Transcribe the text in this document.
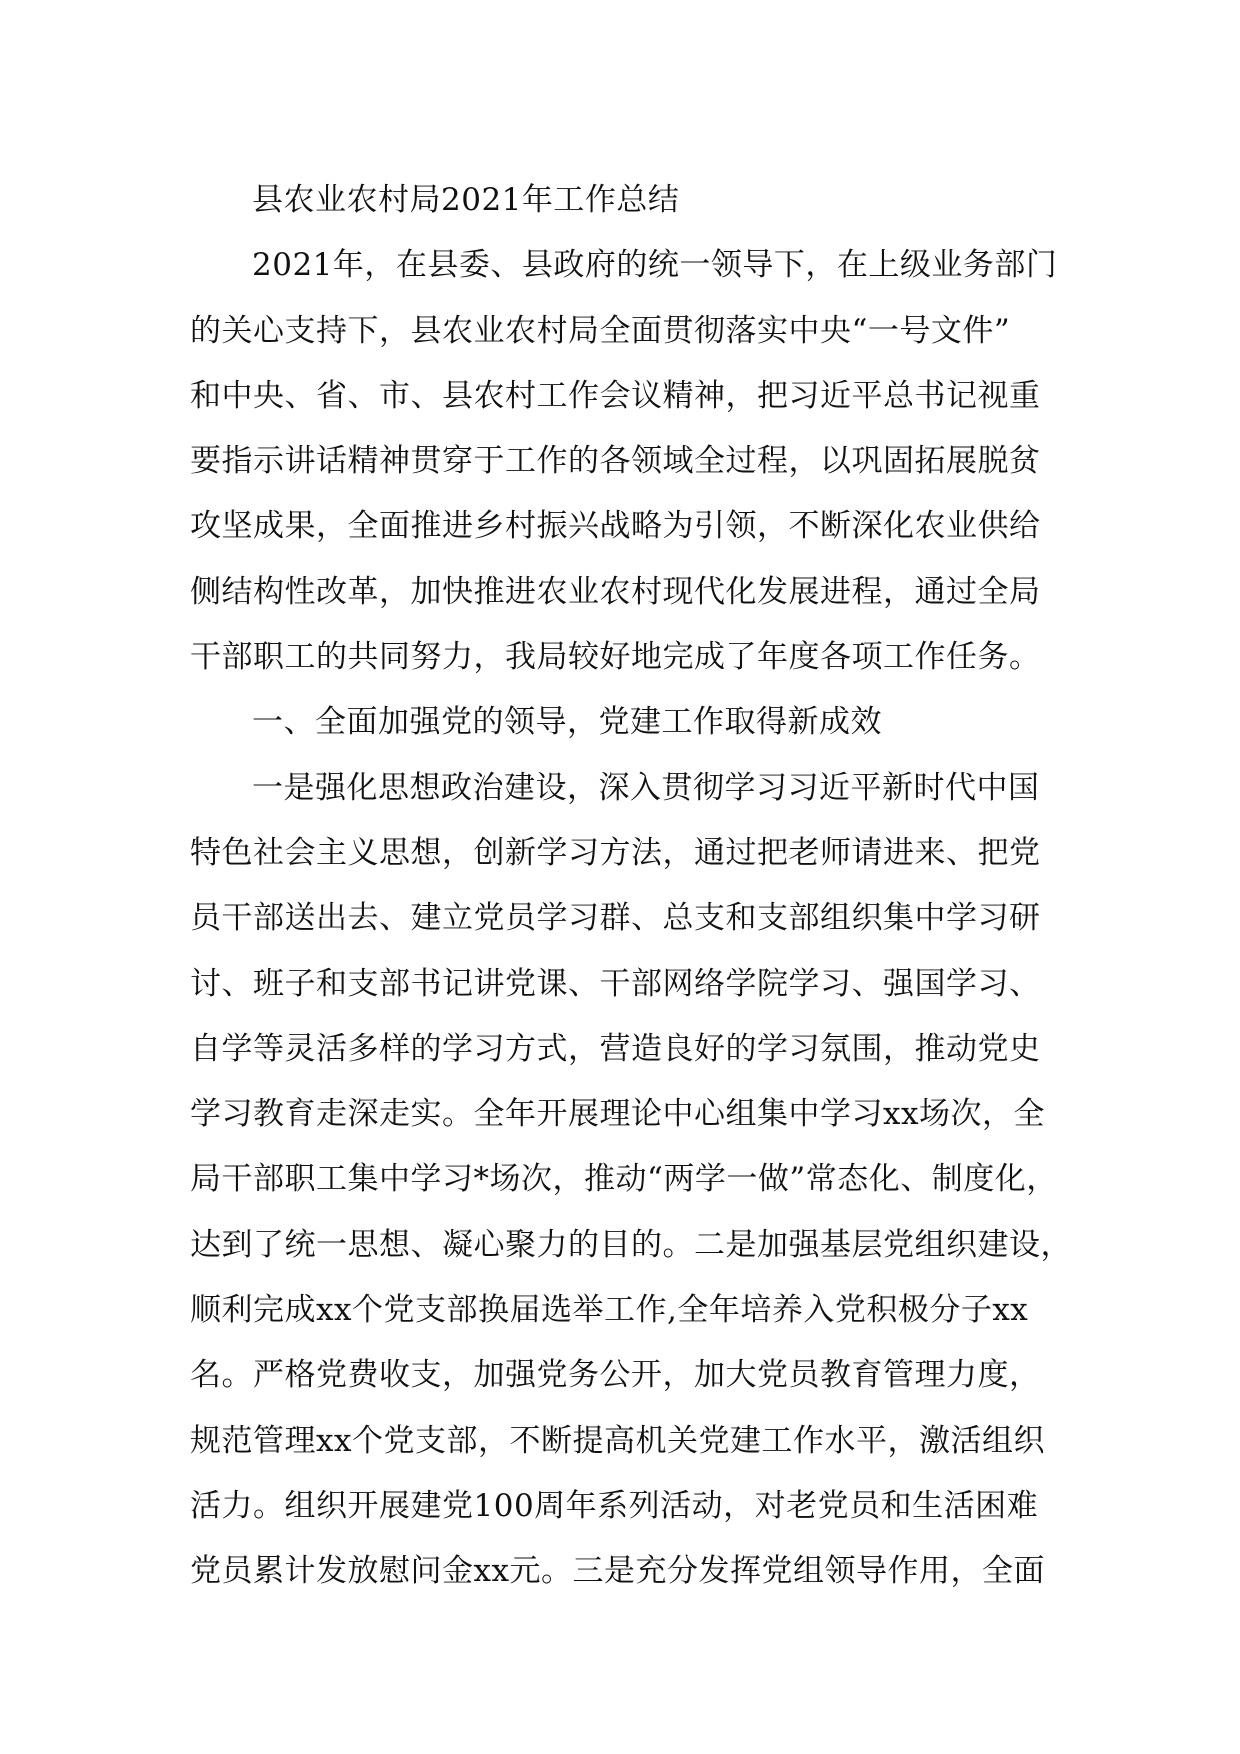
县农业农村局2021年工作总结
2021年，在县委、县政府的统一领导下，在上级业务部门
的关心支持下，县农业农村局全面贯彻落实中央“一号文件”
和中央、省、市、县农村工作会议精神，把习近平总书记视重
要指示讲话精神贯穿于工作的各领域全过程，以巩固拓展脱贫
攻坚成果，全面推进乡村振兴战略为引领，不断深化农业供给
侧结构性改革，加快推进农业农村现代化发展进程，通过全局
干部职工的共同努力，我局较好地完成了年度各项工作任务。
一、全面加强党的领导，党建工作取得新成效
一是强化思想政治建设，深入贯彻学习习近平新时代中国
特色社会主义思想，创新学习方法，通过把老师请进来、把党
员干部送出去、建立党员学习群、总支和支部组织集中学习研
讨、班子和支部书记讲党课、干部网络学院学习、强国学习、
自学等灵活多样的学习方式，营造良好的学习氛围，推动党史
学习教育走深走实。全年开展理论中心组集中学习xx场次，全
局干部职工集中学习*场次，推动“两学一做”常态化、制度化，
达到了统一思想、凝心聚力的目的。二是加强基层党组织建设，
顺利完成xx个党支部换届选举工作,全年培养入党积极分子xx
名。严格党费收支，加强党务公开，加大党员教育管理力度，
规范管理xx个党支部，不断提高机关党建工作水平，激活组织
活力。组织开展建党100周年系列活动，对老党员和生活困难
党员累计发放慰问金xx元。三是充分发挥党组领导作用，全面
